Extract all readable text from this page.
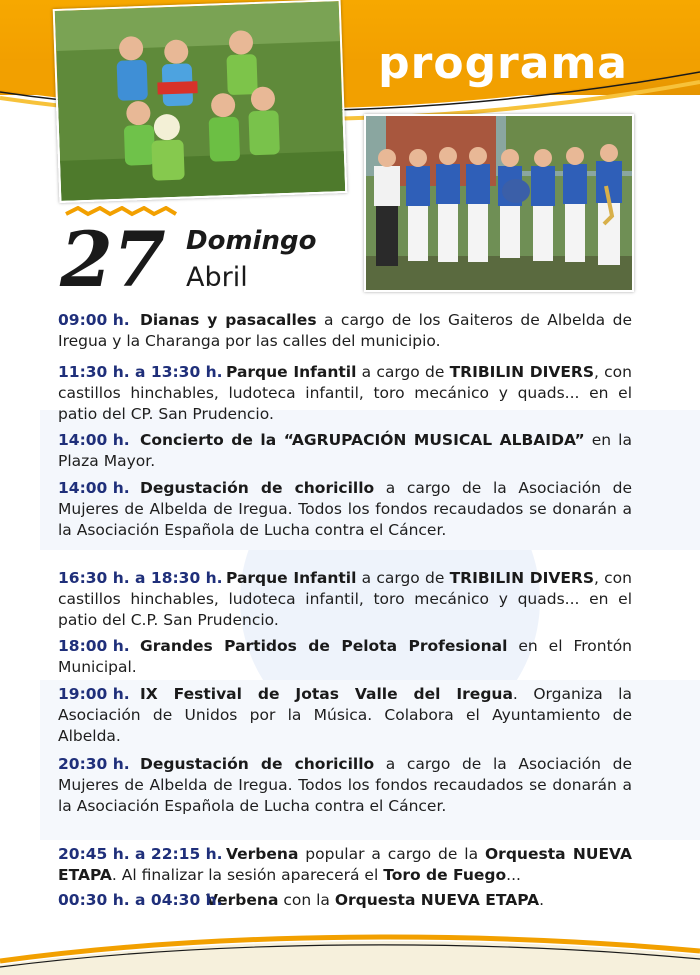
programa
27 Domingo
Abril
09:00 h. Dianas y pasacalles a cargo de los Gaiteros de Albelda de Iregua y la Charanga por las calles del municipio.
11:30 h. a 13:30 h. Parque Infantil a cargo de TRIBILIN DIVERS, con castillos hinchables, ludoteca infantil, toro mecánico y quads... en el patio del CP. San Prudencio.
14:00 h. Concierto de la “AGRUPACIÓN MUSICAL ALBAIDA” en la Plaza Mayor.
14:00 h. Degustación de choricillo a cargo de la Asociación de Mujeres de Albelda de Iregua. Todos los fondos recaudados se donarán a la Asociación Española de Lucha contra el Cáncer.
16:30 h. a 18:30 h. Parque Infantil a cargo de TRIBILIN DIVERS, con castillos hinchables, ludoteca infantil, toro mecánico y quads... en el patio del C.P. San Prudencio.
18:00 h. Grandes Partidos de Pelota Profesional en el Frontón Municipal.
19:00 h. IX Festival de Jotas Valle del Iregua. Organiza la Asociación de Unidos por la Música. Colabora el Ayuntamiento de Albelda.
20:30 h. Degustación de choricillo a cargo de la Asociación de Mujeres de Albelda de Iregua. Todos los fondos recaudados se donarán a la Asociación Española de Lucha contra el Cáncer.
20:45 h. a 22:15 h. Verbena popular a cargo de la Orquesta NUEVA ETAPA. Al finalizar la sesión aparecerá el Toro de Fuego...
00:30 h. a 04:30 h.
Verbena con la Orquesta NUEVA ETAPA.
